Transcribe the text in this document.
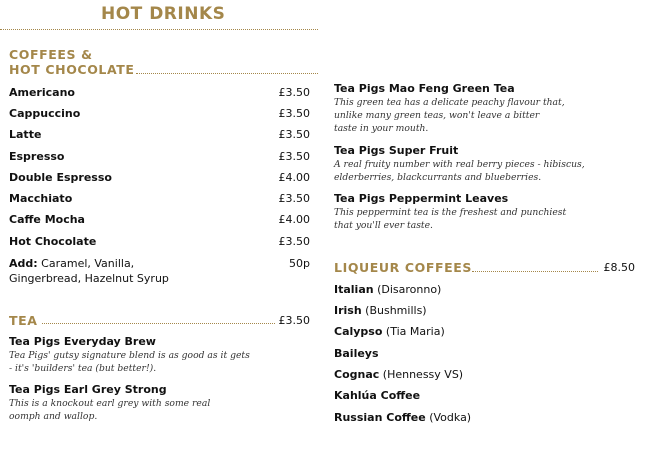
HOT DRINKS
COFFEES &
HOT CHOCOLATE
Americano	£3.50
Cappuccino	£3.50
Latte	£3.50
Espresso	£3.50
Double Espresso	£4.00
Macchiato	£3.50
Caffe Mocha	£4.00
Hot Chocolate	£3.50
Add: Caramel, Vanilla,
Gingerbread, Hazelnut Syrup
50p
TEA	£3.50
Tea Pigs Everyday Brew
Tea Pigs' gutsy signature blend is as good as it gets
- it's 'builders' tea (but better!).
Tea Pigs Earl Grey Strong
This is a knockout earl grey with some real
oomph and wallop.
Tea Pigs Mao Feng Green Tea
This green tea has a delicate peachy flavour that,
unlike many green teas, won't leave a bitter
taste in your mouth.
Tea Pigs Super Fruit
A real fruity number with real berry pieces - hibiscus,
elderberries, blackcurrants and blueberries.
Tea Pigs Peppermint Leaves
This peppermint tea is the freshest and punchiest
that you'll ever taste.
LIQUEUR COFFEES	£8.50
Italian (Disaronno)
Irish (Bushmills)
Calypso (Tia Maria)
Baileys
Cognac (Hennessy VS)
Kahlúa Coffee
Russian Coffee (Vodka)
